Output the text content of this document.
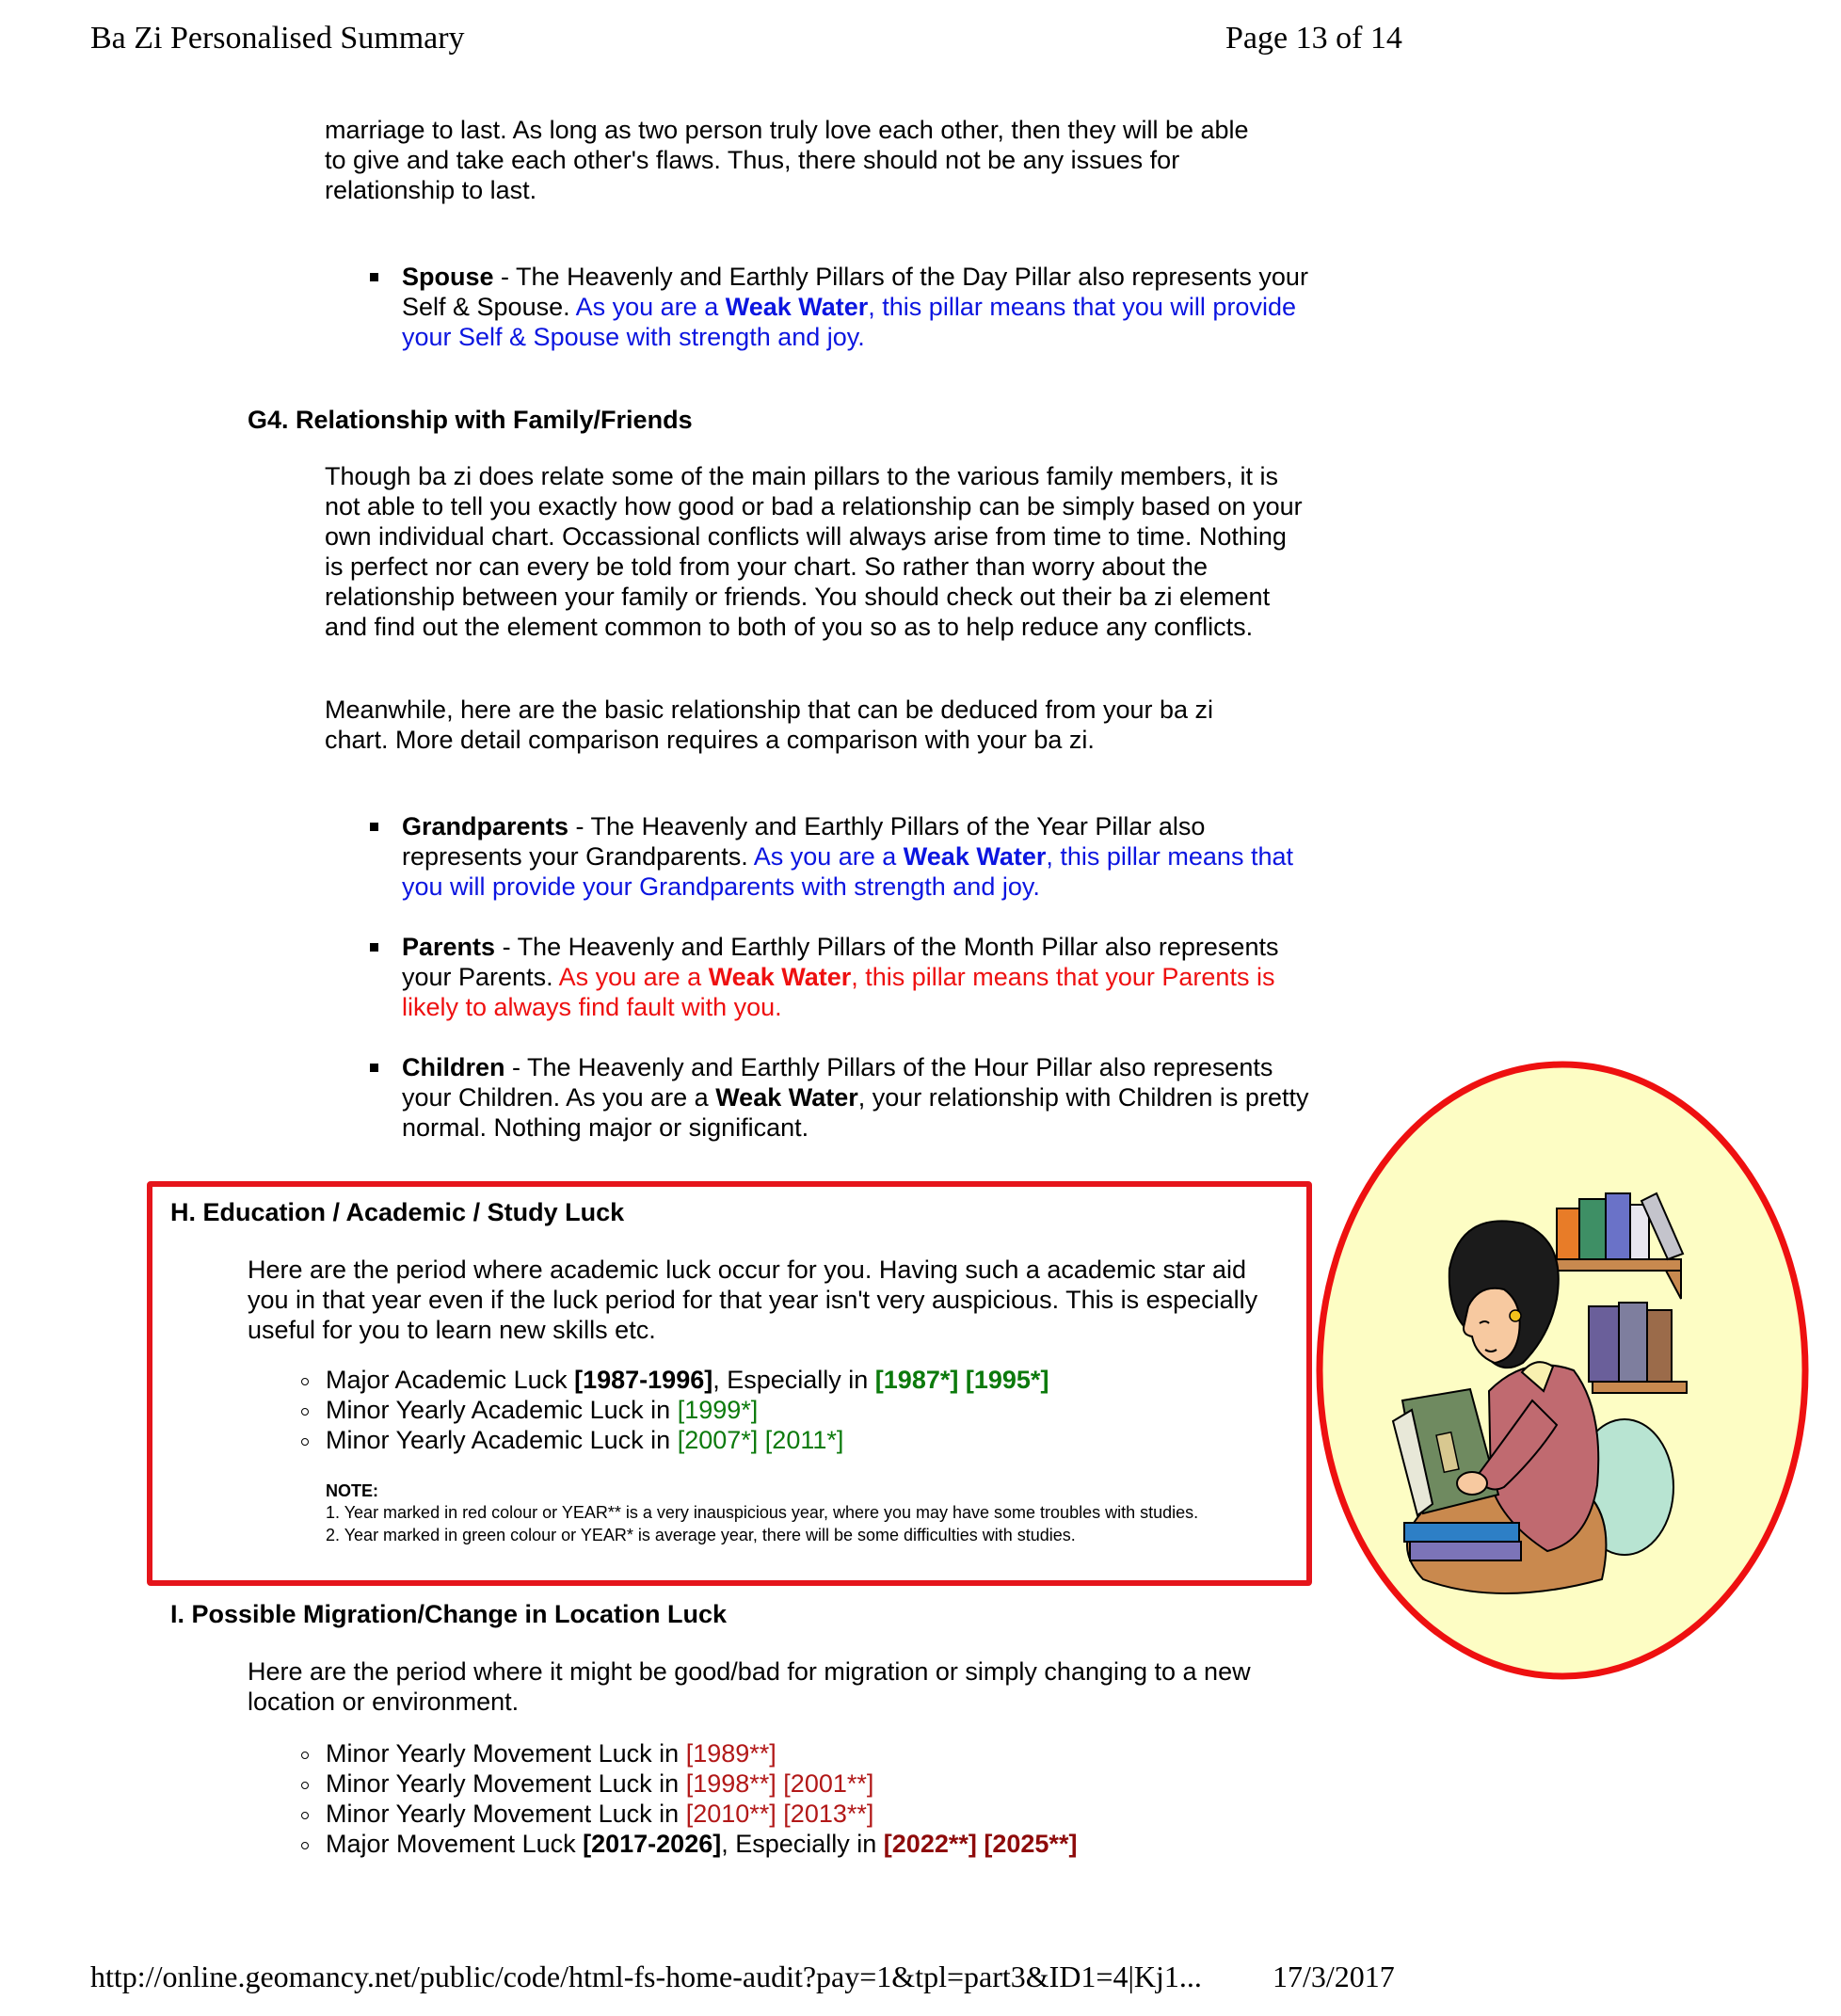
Ba Zi Personalised Summary	Page 13 of 14
marriage to last. As long as two person truly love each other, then they will be able
to give and take each other's flaws. Thus, there should not be any issues for
relationship to last.
Spouse - The Heavenly and Earthly Pillars of the Day Pillar also represents your Self & Spouse. As you are a Weak Water, this pillar means that you will provide your Self & Spouse with strength and joy.
G4. Relationship with Family/Friends
Though ba zi does relate some of the main pillars to the various family members, it is not able to tell you exactly how good or bad a relationship can be simply based on your own individual chart. Occassional conflicts will always arise from time to time. Nothing is perfect nor can every be told from your chart. So rather than worry about the relationship between your family or friends. You should check out their ba zi element and find out the element common to both of you so as to help reduce any conflicts.
Meanwhile, here are the basic relationship that can be deduced from your ba zi chart. More detail comparison requires a comparison with your ba zi.
Grandparents - The Heavenly and Earthly Pillars of the Year Pillar also represents your Grandparents. As you are a Weak Water, this pillar means that you will provide your Grandparents with strength and joy.
Parents - The Heavenly and Earthly Pillars of the Month Pillar also represents your Parents. As you are a Weak Water, this pillar means that your Parents is likely to always find fault with you.
Children - The Heavenly and Earthly Pillars of the Hour Pillar also represents your Children. As you are a Weak Water, your relationship with Children is pretty normal. Nothing major or significant.
H. Education / Academic / Study Luck
Here are the period where academic luck occur for you. Having such a academic star aid you in that year even if the luck period for that year isn't very auspicious. This is especially useful for you to learn new skills etc.
Major Academic Luck [1987-1996], Especially in [1987*] [1995*]
Minor Yearly Academic Luck in [1999*]
Minor Yearly Academic Luck in [2007*] [2011*]
NOTE:
1. Year marked in red colour or YEAR** is a very inauspicious year, where you may have some troubles with studies.
2. Year marked in green colour or YEAR* is average year, there will be some difficulties with studies.
I. Possible Migration/Change in Location Luck
Here are the period where it might be good/bad for migration or simply changing to a new location or environment.
Minor Yearly Movement Luck in [1989**]
Minor Yearly Movement Luck in [1998**] [2001**]
Minor Yearly Movement Luck in [2010**] [2013**]
Major Movement Luck [2017-2026], Especially in [2022**] [2025**]
http://online.geomancy.net/public/code/html-fs-home-audit?pay=1&tpl=part3&ID1=4|Kj1... 17/3/2017
